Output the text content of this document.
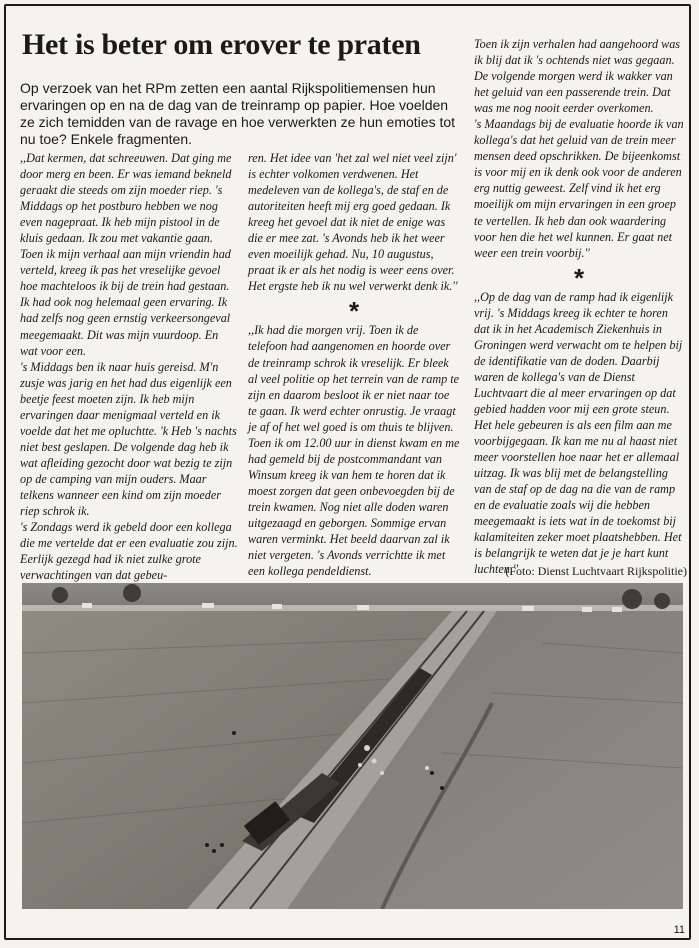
Het is beter om erover te praten

Op verzoek van het RPm zetten een aantal Rijkspolitiemensen hun ervaringen op en na de dag van de treinramp op papier. Hoe voelden ze zich temidden van de ravage en hoe verwerkten ze hun emoties tot nu toe? Enkele fragmenten.

,,Dat kermen, dat schreeuwen. Dat ging me door merg en been. Er was iemand bekneld geraakt die steeds om zijn moeder riep. 's Middags op het postburo hebben we nog even nagepraat. Ik heb mijn pistool in de kluis gedaan. Ik zou met vakantie gaan. Toen ik mijn verhaal aan mijn vriendin had verteld, kreeg ik pas het vreselijke gevoel hoe machteloos ik bij de trein had gestaan.

Ik had ook nog helemaal geen ervaring. Ik had zelfs nog geen ernstig verkeersongeval meegemaakt. Dit was mijn vuurdoop. En wat voor een.

's Middags ben ik naar huis gereisd. M'n zusje was jarig en het had dus eigenlijk een beetje feest moeten zijn. Ik heb mijn ervaringen daar menigmaal verteld en ik voelde dat het me opluchtte. 'k Heb 's nachts niet best geslapen. De volgende dag heb ik wat afleiding gezocht door wat bezig te zijn op de camping van mijn ouders. Maar telkens wanneer een kind om zijn moeder riep schrok ik.

's Zondags werd ik gebeld door een kollega die me vertelde dat er een evaluatie zou zijn. Eerlijk gezegd had ik niet zulke grote verwachtingen van dat gebeu-

ren. Het idee van 'het zal wel niet veel zijn' is echter volkomen verdwenen. Het medeleven van de kollega's, de staf en de autoriteiten heeft mij erg goed gedaan. Ik kreeg het gevoel dat ik niet de enige was die er mee zat. 's Avonds heb ik het weer even moeilijk gehad. Nu, 10 augustus, praat ik er als het nodig is weer eens over. Het ergste heb ik nu wel verwerkt denk ik.''

*

,,Ik had die morgen vrij. Toen ik de telefoon had aangenomen en hoorde over de treinramp schrok ik vreselijk. Er bleek al veel politie op het terrein van de ramp te zijn en daarom besloot ik er niet naar toe te gaan. Ik werd echter onrustig. Je vraagt je af of het wel goed is om thuis te blijven. Toen ik om 12.00 uur in dienst kwam en me had gemeld bij de postcommandant van Winsum kreeg ik van hem te horen dat ik moest zorgen dat geen onbevoegden bij de trein kwamen. Nog niet alle doden waren uitgezaagd en geborgen. Sommige ervan waren verminkt. Het beeld daarvan zal ik niet vergeten. 's Avonds verrichtte ik met een kollega pendeldienst.

Toen ik zijn verhalen had aangehoord was ik blij dat ik 's ochtends niet was gegaan. De volgende morgen werd ik wakker van het geluid van een passerende trein. Dat was me nog nooit eerder overkomen.

's Maandags bij de evaluatie hoorde ik van kollega's dat het geluid van de trein meer mensen deed opschrikken. De bijeenkomst is voor mij en ik denk ook voor de anderen erg nuttig geweest. Zelf vind ik het erg moeilijk om mijn ervaringen in een groep te vertellen. Ik heb dan ook waardering voor hen die het wel kunnen. Er gaat net weer een trein voorbij.''

*

,,Op de dag van de ramp had ik eigenlijk vrij. 's Middags kreeg ik echter te horen dat ik in het Academisch Ziekenhuis in Groningen werd verwacht om te helpen bij de identifikatie van de doden. Daarbij waren de kollega's van de Dienst Luchtvaart die al meer ervaringen op dat gebied hadden voor mij een grote steun. Het hele gebeuren is als een film aan me voorbijgegaan. Ik kan me nu al haast niet meer voorstellen hoe naar het er allemaal uitzag. Ik was blij met de belangstelling van de staf op de dag na die van de ramp en de evaluatie zoals wij die hebben meegemaakt is iets wat in de toekomst bij kalamiteiten zeker moet plaatshebben. Het is belangrijk te weten dat je je hart kunt luchten.''

(Foto: Dienst Luchtvaart Rijkspolitie)
11
